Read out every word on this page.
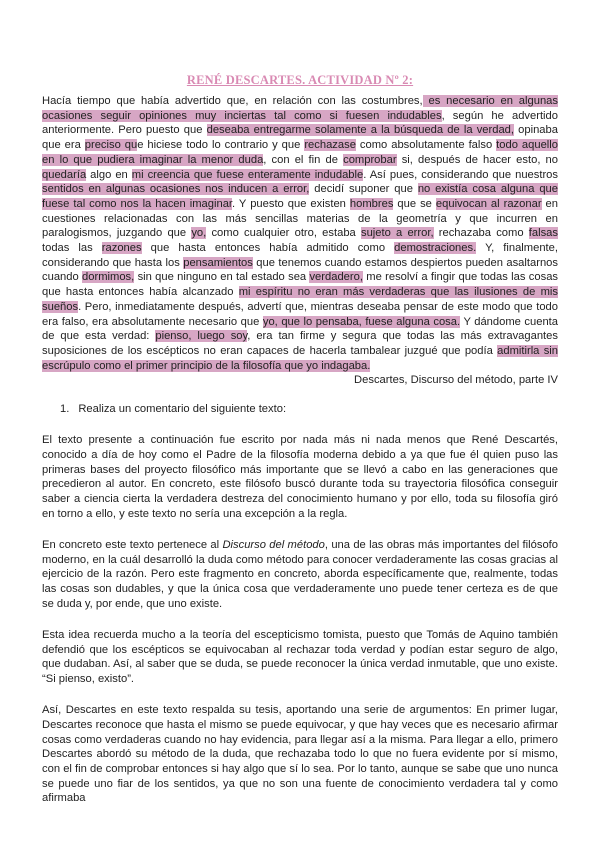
RENÉ DESCARTES. ACTIVIDAD Nº 2:

Hacía tiempo que había advertido que, en relación con las costumbres, es necesario en algunas ocasiones seguir opiniones muy inciertas tal como si fuesen indudables, según he advertido anteriormente. Pero puesto que deseaba entregarme solamente a la búsqueda de la verdad, opinaba que era preciso que hiciese todo lo contrario y que rechazase como absolutamente falso todo aquello en lo que pudiera imaginar la menor duda, con el fin de comprobar si, después de hacer esto, no quedaría algo en mi creencia que fuese enteramente indudable. Así pues, considerando que nuestros sentidos en algunas ocasiones nos inducen a error, decidí suponer que no existía cosa alguna que fuese tal como nos la hacen imaginar. Y puesto que existen hombres que se equivocan al razonar en cuestiones relacionadas con las más sencillas materias de la geometría y que incurren en paralogismos, juzgando que yo, como cualquier otro, estaba sujeto a error, rechazaba como falsas todas las razones que hasta entonces había admitido como demostraciones. Y, finalmente, considerando que hasta los pensamientos que tenemos cuando estamos despiertos pueden asaltarnos cuando dormimos, sin que ninguno en tal estado sea verdadero, me resolví a fingir que todas las cosas que hasta entonces había alcanzado mi espíritu no eran más verdaderas que las ilusiones de mis sueños. Pero, inmediatamente después, advertí que, mientras deseaba pensar de este modo que todo era falso, era absolutamente necesario que yo, que lo pensaba, fuese alguna cosa. Y dándome cuenta de que esta verdad: pienso, luego soy, era tan firme y segura que todas las más extravagantes suposiciones de los escépticos no eran capaces de hacerla tambalear juzgué que podía admitirla sin escrúpulo como el primer principio de la filosofía que yo indagaba.

Descartes, Discurso del método, parte IV

1. Realiza un comentario del siguiente texto:

El texto presente a continuación fue escrito por nada más ni nada menos que René Descartés, conocido a día de hoy como el Padre de la filosofía moderna debido a ya que fue él quien puso las primeras bases del proyecto filosófico más importante que se llevó a cabo en las generaciones que precedieron al autor. En concreto, este filósofo buscó durante toda su trayectoria filosófica conseguir saber a ciencia cierta la verdadera destreza del conocimiento humano y por ello, toda su filosofía giró en torno a ello, y este texto no sería una excepción a la regla.

En concreto este texto pertenece al Discurso del método, una de las obras más importantes del filósofo moderno, en la cuál desarrolló la duda como método para conocer verdaderamente las cosas gracias al ejercicio de la razón. Pero este fragmento en concreto, aborda específicamente que, realmente, todas las cosas son dudables, y que la única cosa que verdaderamente uno puede tener certeza es de que se duda y, por ende, que uno existe.

Esta idea recuerda mucho a la teoría del escepticismo tomista, puesto que Tomás de Aquino también defendió que los escépticos se equivocaban al rechazar toda verdad y podían estar seguro de algo, que dudaban. Así, al saber que se duda, se puede reconocer la única verdad inmutable, que uno existe. “Si pienso, existo”.

Así, Descartes en este texto respalda su tesis, aportando una serie de argumentos: En primer lugar, Descartes reconoce que hasta el mismo se puede equivocar, y que hay veces que es necesario afirmar cosas como verdaderas cuando no hay evidencia, para llegar así a la misma. Para llegar a ello, primero Descartes abordó su método de la duda, que rechazaba todo lo que no fuera evidente por sí mismo, con el fin de comprobar entonces si hay algo que sí lo sea. Por lo tanto, aunque se sabe que uno nunca se puede uno fiar de los sentidos, ya que no son una fuente de conocimiento verdadera tal y como afirmaba
